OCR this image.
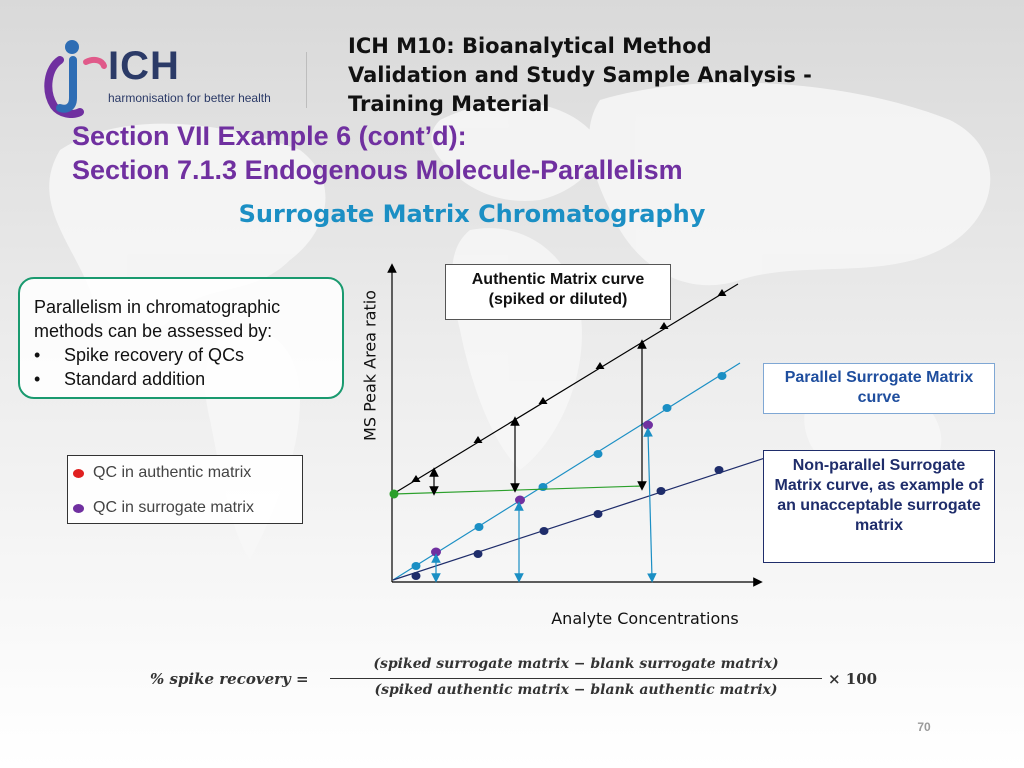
ICH
harmonisation for better health
ICH M10: Bioanalytical Method
Validation and Study Sample Analysis -
Training Material
Section VII Example 6 (cont’d):
Section 7.1.3 Endogenous Molecule-Parallelism
Surrogate Matrix Chromatography
Parallelism in chromatographic
methods can be assessed by:
• Spike recovery of QCs
• Standard addition
QC in authentic matrix
QC in surrogate matrix
MS Peak Area ratio
Analyte Concentrations
Authentic Matrix curve
(spiked or diluted)
Parallel Surrogate Matrix curve
Non-parallel Surrogate Matrix curve, as example of an unacceptable surrogate matrix
% spike recovery =
(spiked surrogate matrix − blank surrogate matrix)
(spiked authentic matrix − blank authentic matrix)
× 100
70
